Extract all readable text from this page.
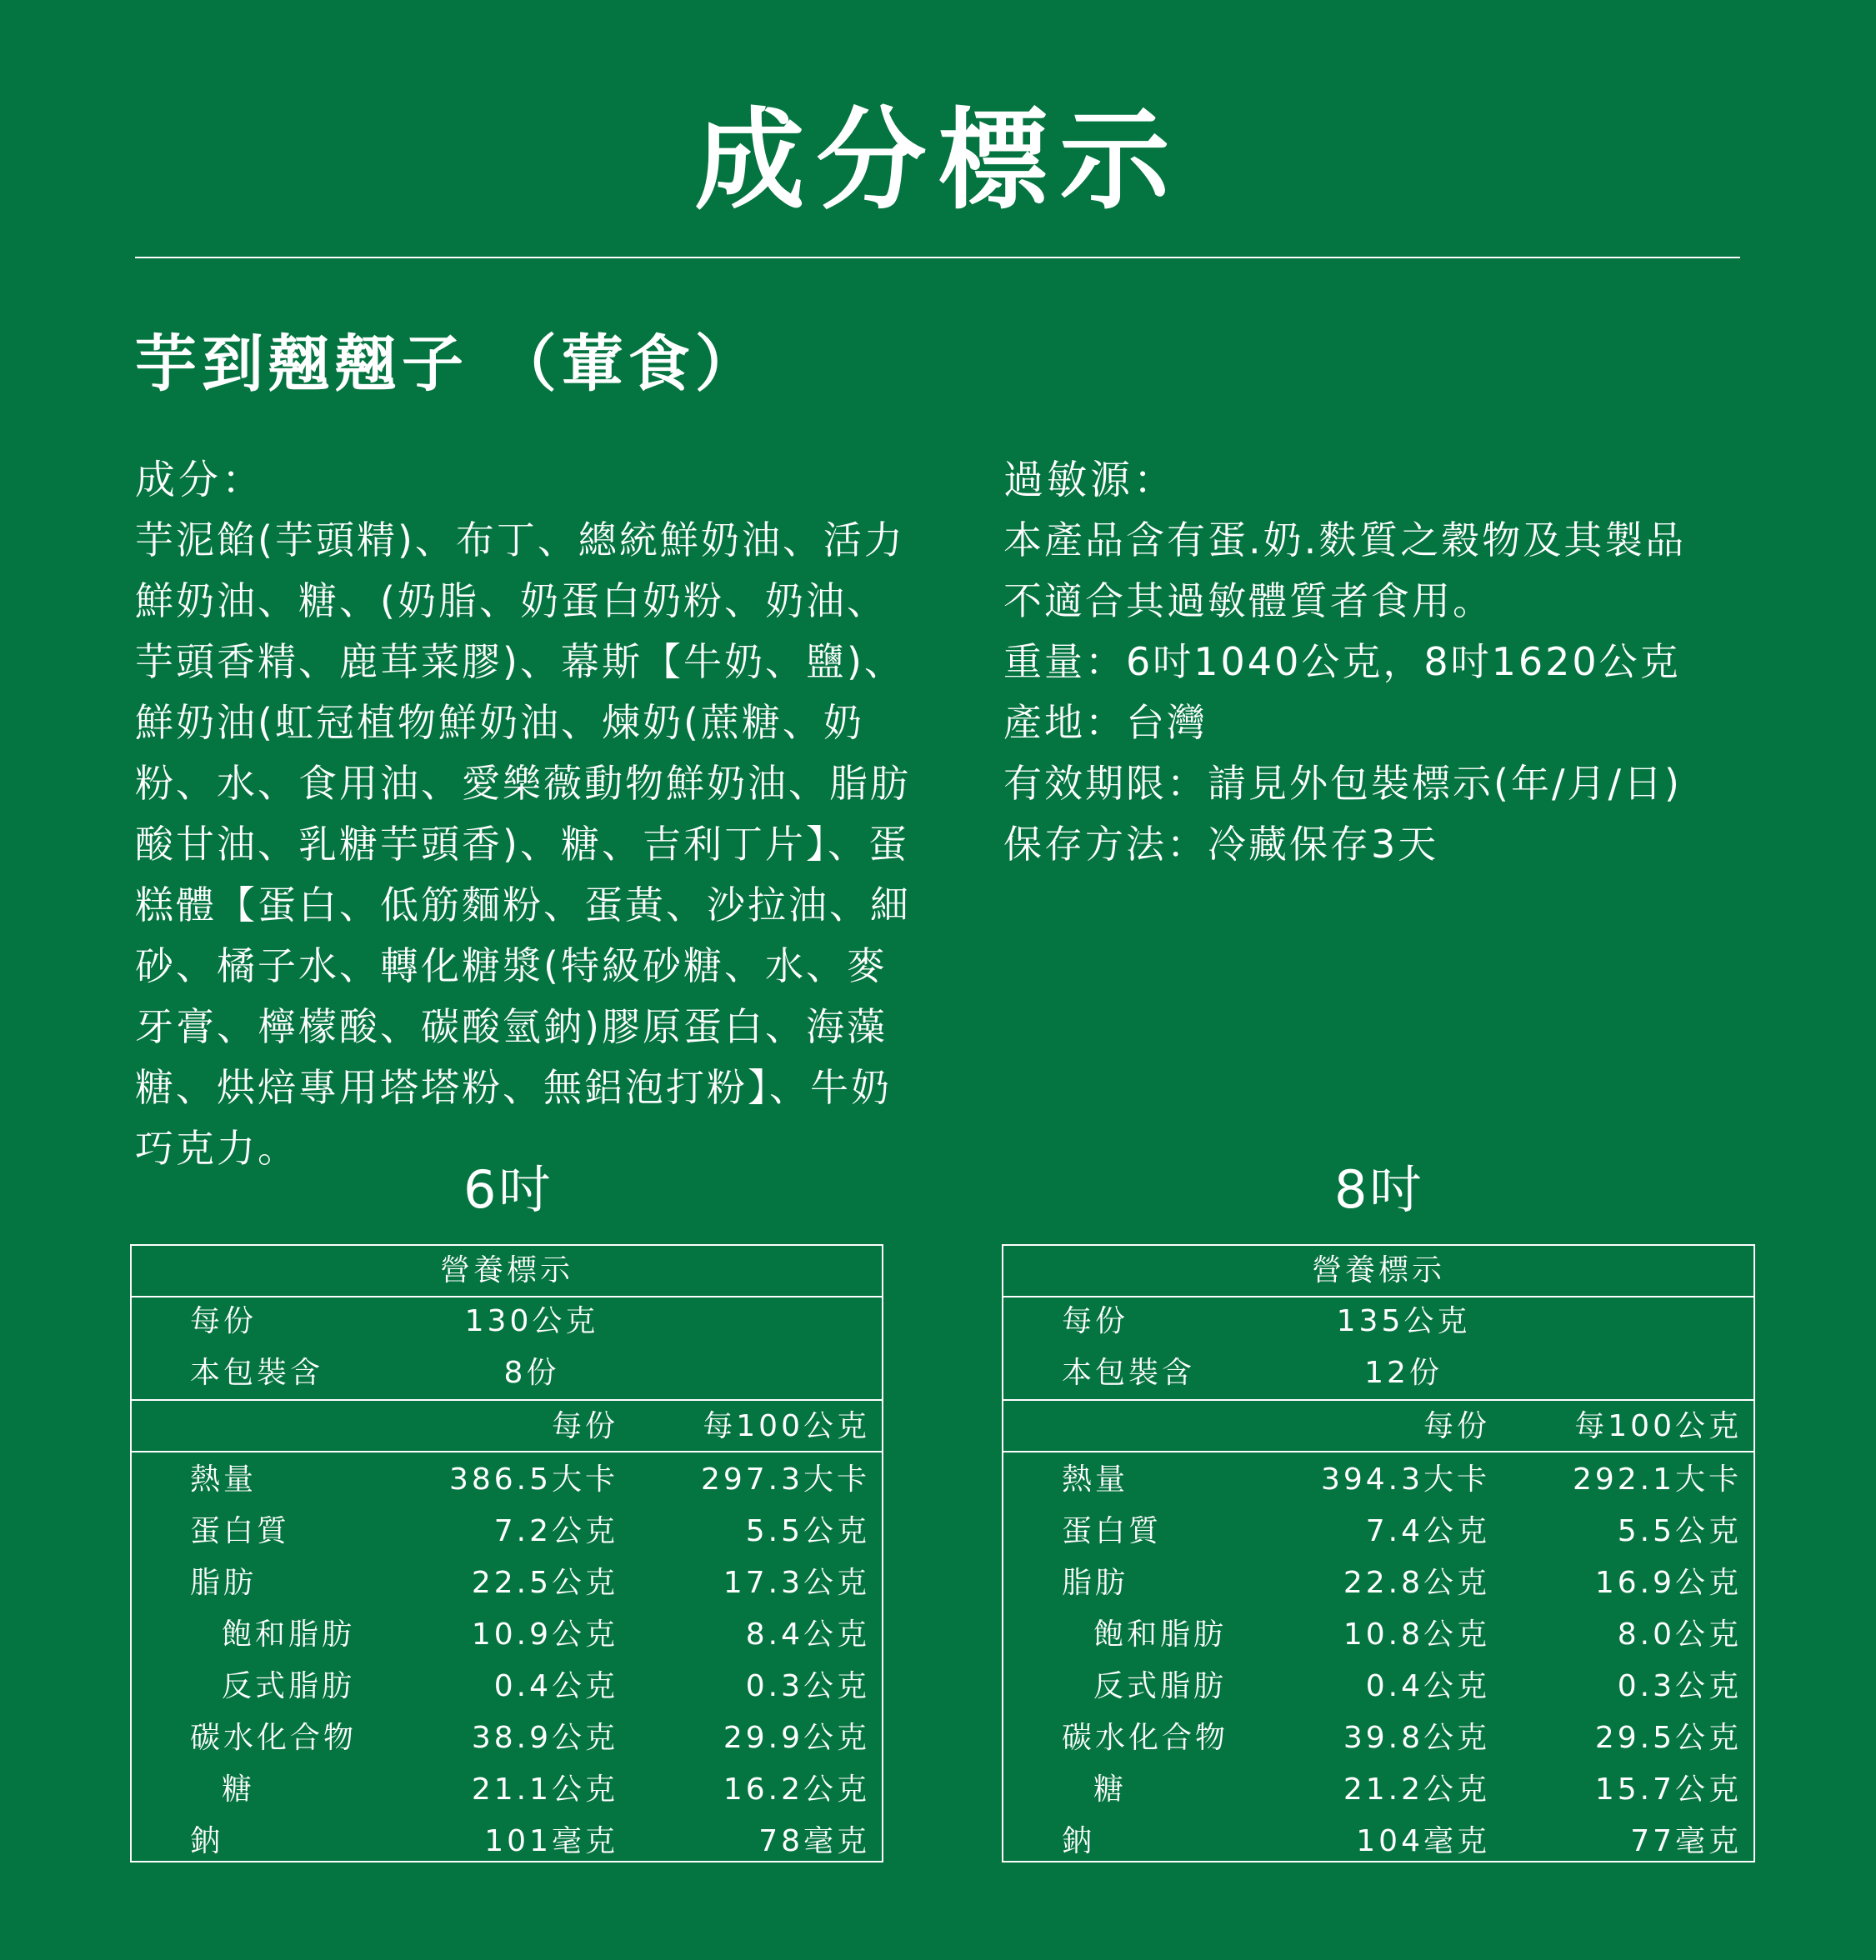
成分標示
芋到翹翹子 （葷食）
成分：
芋泥餡(芋頭精)、布丁、總統鮮奶油、活力鮮奶油、糖、(奶脂、奶蛋白奶粉、奶油、芋頭香精、鹿茸菜膠)、幕斯【牛奶、鹽)、 鮮奶油(虹冠植物鮮奶油、煉奶(蔗糖、奶粉、水、食用油、愛樂薇動物鮮奶油、脂肪酸甘油、乳糖芋頭香)、糖、吉利丁片】、蛋糕體【蛋白、低筋麵粉、蛋黃、沙拉油、細砂、橘子水、轉化糖漿(特級砂糖、水、麥牙膏、檸檬酸、碳酸氫鈉)膠原蛋白、海藻糖、烘焙專用塔塔粉、無鋁泡打粉】、牛奶巧克力。
過敏源：
本產品含有蛋.奶.麩質之穀物及其製品
不適合其過敏體質者食用。
重量：6吋1040公克，8吋1620公克
產地：台灣
有效期限：請見外包裝標示(年/月/日)
保存方法：冷藏保存3天
6吋	8吋
營養標示
每份	130公克
本包裝含	8份
每份	每100公克
熱量	386.5大卡	297.3大卡
蛋白質	7.2公克	5.5公克
脂肪	22.5公克	17.3公克
飽和脂肪	10.9公克	8.4公克
反式脂肪	0.4公克	0.3公克
碳水化合物	38.9公克	29.9公克
糖	21.1公克	16.2公克
鈉	101毫克	78毫克
營養標示
每份	135公克
本包裝含	12份
每份	每100公克
熱量	394.3大卡	292.1大卡
蛋白質	7.4公克	5.5公克
脂肪	22.8公克	16.9公克
飽和脂肪	10.8公克	8.0公克
反式脂肪	0.4公克	0.3公克
碳水化合物	39.8公克	29.5公克
糖	21.2公克	15.7公克
鈉	104毫克	77毫克
